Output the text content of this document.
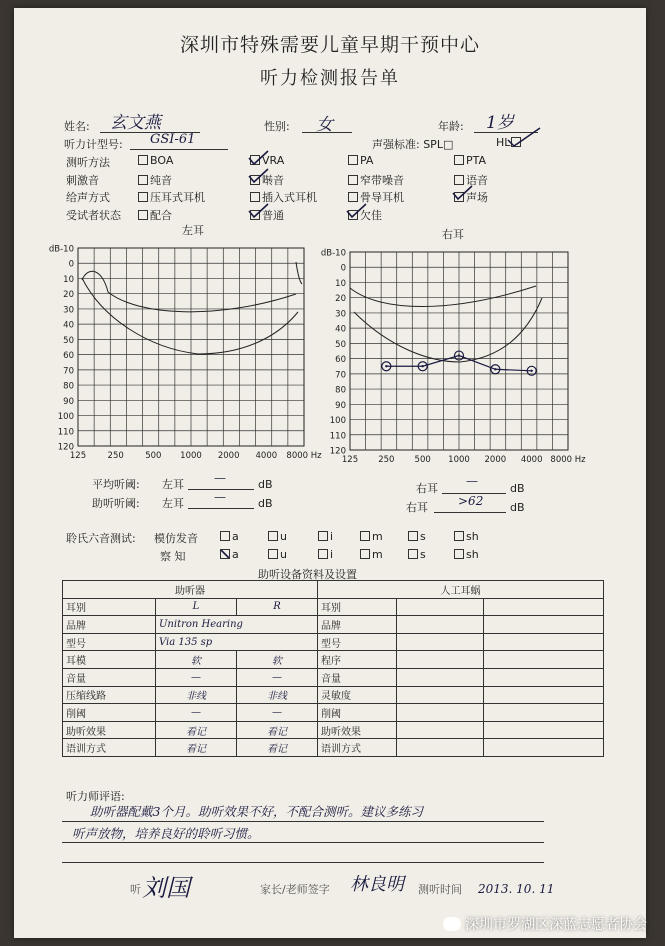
深圳市特殊需要儿童早期干预中心
听力检测报告单
姓名: 玄文燕	性别: 女	年龄: 1岁
听力计型号: GSI-61	声强标准: SPL□	HL
左耳	右耳
dB-10
0
10
20
30
40
50
60
70
80
90
100
110
120
125	250	500 1000 2000 4000 8000 Hz
dB-10
0
10
20
30
40
50
60
70
80
90
100
110
120
125 250 500 1000 2000 4000 8000 Hz
平均听阈: 左耳	—	dB
助听听阈: 左耳	—	dB
右耳
—
dB
右耳	>62 dB
聆氏六音测试: 模仿发音
察 知
助听设备资料及设置
助听器			人工耳蜗		
耳别	L	R	耳别		
品牌	Unitron Hearing		品牌		
型号	Via 135 sp		型号		
耳模	软	软	程序		
音量	—	—	音量		
压缩线路	非线	非线	灵敏度		
削阈	—	—	削阈		
助听效果	看记	看记	助听效果		
语训方式	看记	看记	语训方式		
听力师评语:
助听器配戴3个月。助听效果不好，不配合测听。建议多练习
听声放物，培养良好的聆听习惯。
听 刘国	家长/老师签字 林良明 测听时间 2013. 10. 11
测听方法	BOA	VRA	PA	PTA
刺激音	纯音	啭音	窄带噪音	语音
给声方式	压耳式耳机	插入式耳机	骨导耳机	声场
受试者状态	配合	普通	欠佳
a	u	i	m	s	sh
a	u	i	m	s	sh
深圳市罗湖区深蓝志愿者协会
